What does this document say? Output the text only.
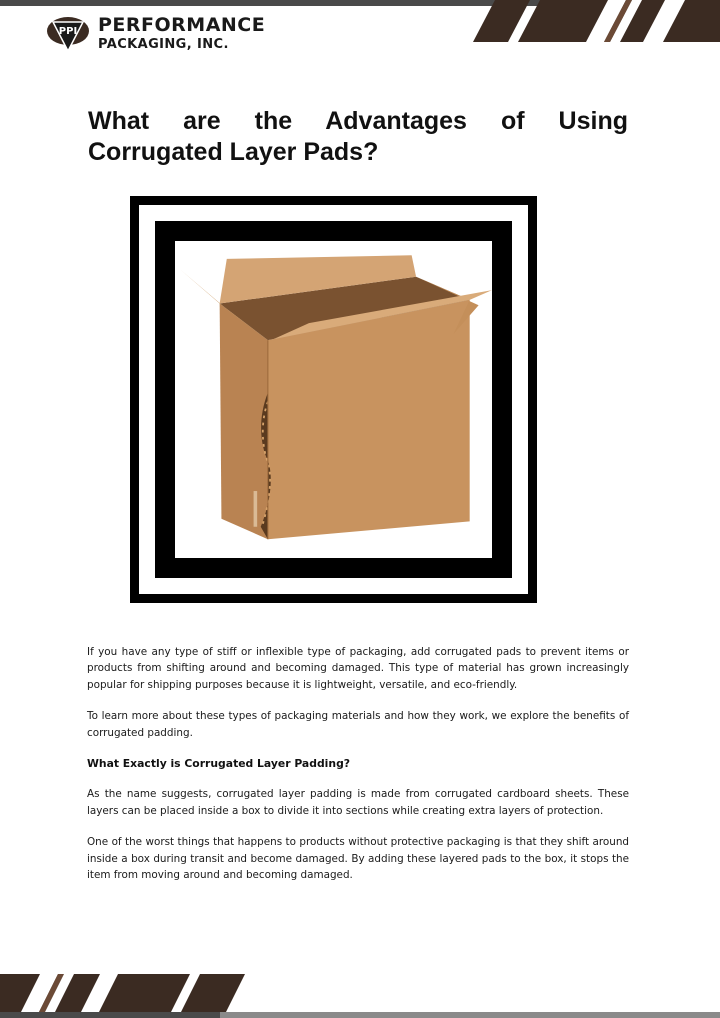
PPI PERFORMANCE
PACKAGING, INC.
What are the Advantages of Using Corrugated Layer Pads?

If you have any type of stiff or inflexible type of packaging, add corrugated pads to prevent items or products from shifting around and becoming damaged. This type of material has grown increasingly popular for shipping purposes because it is lightweight, versatile, and eco-friendly.

To learn more about these types of packaging materials and how they work, we explore the benefits of corrugated padding.

What Exactly is Corrugated Layer Padding?

As the name suggests, corrugated layer padding is made from corrugated cardboard sheets. These layers can be placed inside a box to divide it into sections while creating extra layers of protection.

One of the worst things that happens to products without protective packaging is that they shift around inside a box during transit and become damaged. By adding these layered pads to the box, it stops the item from moving around and becoming damaged.
